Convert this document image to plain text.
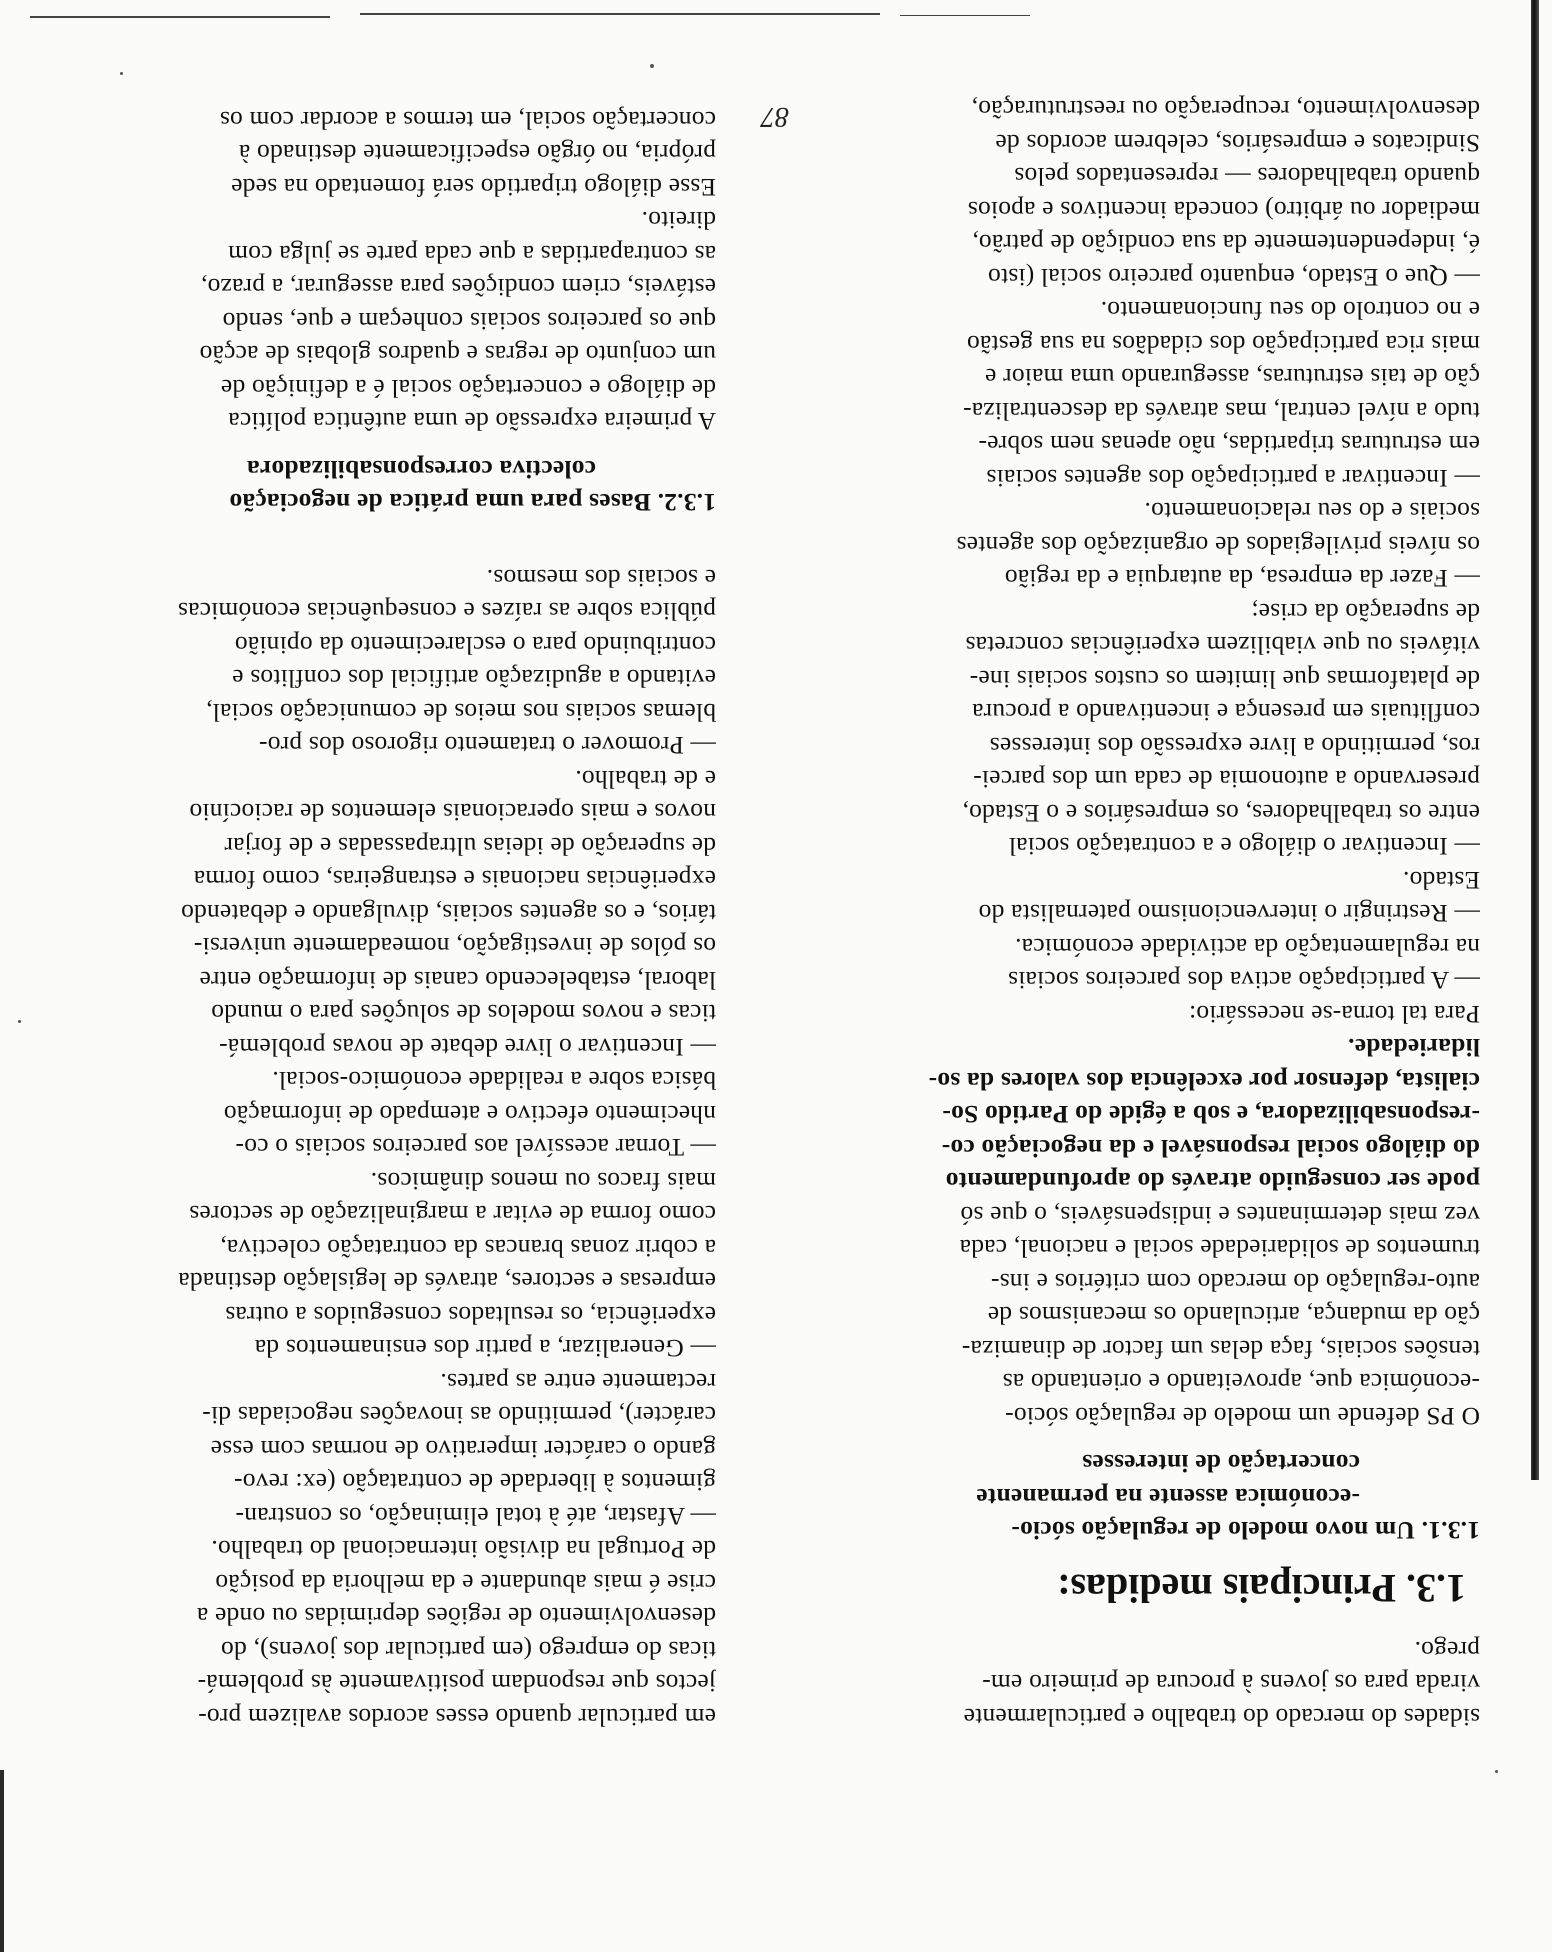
sidades do mercado do trabalho e particularmente

virada para os jovens à procura de primeiro em-

prego.

1.3. Principais medidas:

1.3.1. Um novo modelo de regulação sócio-

-económica assente na permanente

concertação de interesses

O PS defende um modelo de regulação sócio-

-económica que, aproveitando e orientando as

tensões sociais, faça delas um factor de dinamiza-

ção da mudança, articulando os mecanismos de

auto-regulação do mercado com critérios e ins-

trumentos de solidariedade social e nacional, cada

vez mais determinantes e indispensáveis, o que só

pode ser conseguido através do aprofundamento

do diálogo social responsável e da negociação co-

-responsabilizadora, e sob a égide do Partido So-

cialista, defensor por excelência dos valores da so-

lidariedade.

Para tal torna-se necessário:

— A participação activa dos parceiros sociais

na regulamentação da actividade económica.

— Restringir o intervencionismo paternalista do

Estado.

— Incentivar o diálogo e a contratação social

entre os trabalhadores, os empresários e o Estado,

preservando a autonomia de cada um dos parcei-

ros, permitindo a livre expressão dos interesses

conflituais em presença e incentivando a procura

de plataformas que limitem os custos sociais ine-

vitáveis ou que viabilizem experiências concretas

de superação da crise;

— Fazer da empresa, da autarquia e da região

os níveis privilegiados de organização dos agentes

sociais e do seu relacionamento.

— Incentivar a participação dos agentes sociais

em estruturas tripartidas, não apenas nem sobre-

tudo a nível central, mas através da descentraliza-

ção de tais estruturas, assegurando uma maior e

mais rica participação dos cidadãos na sua gestão

e no controlo do seu funcionamento.

— Que o Estado, enquanto parceiro social (isto

é, independentemente da sua condição de patrão,

mediador ou árbitro) conceda incentivos e apoios

quando trabalhadores — representados pelos

Sindicatos e empresários, celebrem acordos de

desenvolvimento, recuperação ou reestruturação,

em particular quando esses acordos avalizem pro-

jectos que respondam positivamente às problemá-

ticas do emprego (em particular dos jovens), do

desenvolvimento de regiões deprimidas ou onde a

crise é mais abundante e da melhoria da posição

de Portugal na divisão internacional do trabalho.

— Afastar, até à total eliminação, os constran-

gimentos à liberdade de contratação (ex: revo-

gando o carácter imperativo de normas com esse

carácter), permitindo as inovações negociadas di-

rectamente entre as partes.

— Generalizar, a partir dos ensinamentos da

experiência, os resultados conseguidos a outras

empresas e sectores, através de legislação destinada

a cobrir zonas brancas da contratação colectiva,

como forma de evitar a marginalização de sectores

mais fracos ou menos dinâmicos.

— Tornar acessível aos parceiros sociais o co-

nhecimento efectivo e atempado de informação

básica sobre a realidade económico-social.

— Incentivar o livre debate de novas problemá-

ticas e novos modelos de soluções para o mundo

laboral, estabelecendo canais de informação entre

os pólos de investigação, nomeadamente universi-

tários, e os agentes sociais, divulgando e debatendo

experiências nacionais e estrangeiras, como forma

de superação de ideias ultrapassadas e de forjar

novos e mais operacionais elementos de raciocínio

e de trabalho.

— Promover o tratamento rigoroso dos pro-

blemas sociais nos meios de comunicação social,

evitando a agudização artificial dos conflitos e

contribuindo para o esclarecimento da opinião

pública sobre as raízes e consequências económicas

e sociais dos mesmos.

1.3.2. Bases para uma prática de negociação

colectiva corresponsabilizadora

A primeira expressão de uma autêntica política

de diálogo e concertação social é a definição de

um conjunto de regras e quadros globais de acção

que os parceiros sociais conheçam e que, sendo

estáveis, criem condições para assegurar, a prazo,

as contrapartidas a que cada parte se julga com

direito.

Esse diálogo tripartido será fomentado na sede

própria, no órgão especificamente destinado à

concertação social, em termos a acordar com os	87
